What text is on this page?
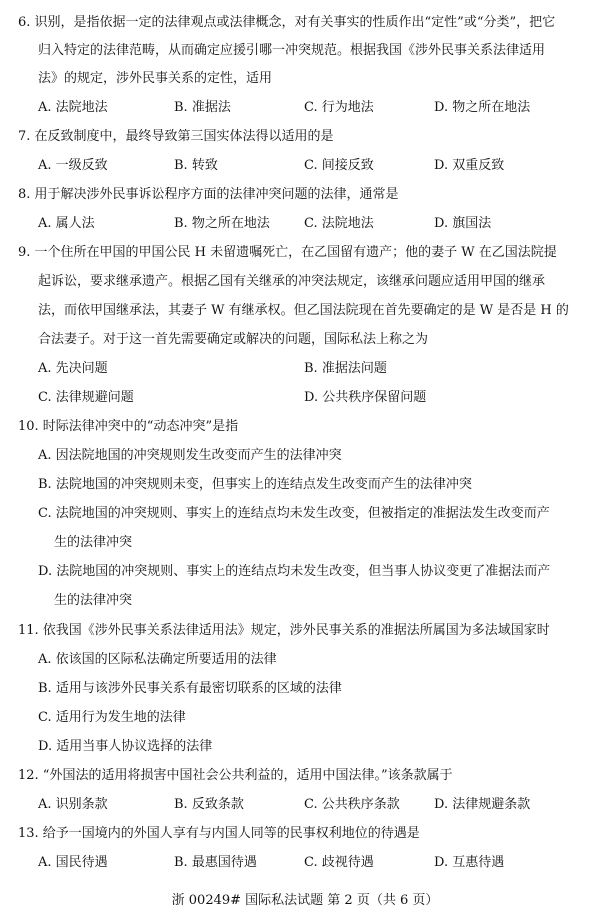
6. 识别，是指依据一定的法律观点或法律概念，对有关事实的性质作出“定性”或“分类”，把它
归入特定的法律范畴，从而确定应援引哪一冲突规范。根据我国《涉外民事关系法律适用
法》的规定，涉外民事关系的定性，适用
A. 法院地法	B. 准据法	C. 行为地法	D. 物之所在地法
7. 在反致制度中，最终导致第三国实体法得以适用的是
A. 一级反致	B. 转致	C. 间接反致	D. 双重反致
8. 用于解决涉外民事诉讼程序方面的法律冲突问题的法律，通常是
A. 属人法	B. 物之所在地法	C. 法院地法	D. 旗国法
9. 一个住所在甲国的甲国公民 H 未留遗嘱死亡，在乙国留有遗产；他的妻子 W 在乙国法院提
起诉讼，要求继承遗产。根据乙国有关继承的冲突法规定，该继承问题应适用甲国的继承
法，而依甲国继承法，其妻子 W 有继承权。但乙国法院现在首先要确定的是 W 是否是 H 的
合法妻子。对于这一首先需要确定或解决的问题，国际私法上称之为
A. 先决问题	B. 准据法问题
C. 法律规避问题	D. 公共秩序保留问题
10. 时际法律冲突中的“动态冲突”是指
A. 因法院地国的冲突规则发生改变而产生的法律冲突
B. 法院地国的冲突规则未变，但事实上的连结点发生改变而产生的法律冲突
C. 法院地国的冲突规则、事实上的连结点均未发生改变，但被指定的准据法发生改变而产
生的法律冲突
D. 法院地国的冲突规则、事实上的连结点均未发生改变，但当事人协议变更了准据法而产
生的法律冲突
11. 依我国《涉外民事关系法律适用法》规定，涉外民事关系的准据法所属国为多法域国家时
A. 依该国的区际私法确定所要适用的法律
B. 适用与该涉外民事关系有最密切联系的区域的法律
C. 适用行为发生地的法律
D. 适用当事人协议选择的法律
12. “外国法的适用将损害中国社会公共利益的，适用中国法律。”该条款属于
A. 识别条款	B. 反致条款	C. 公共秩序条款	D. 法律规避条款
13. 给予一国境内的外国人享有与内国人同等的民事权利地位的待遇是
A. 国民待遇	B. 最惠国待遇	C. 歧视待遇	D. 互惠待遇
浙 00249# 国际私法试题 第 2 页（共 6 页）
